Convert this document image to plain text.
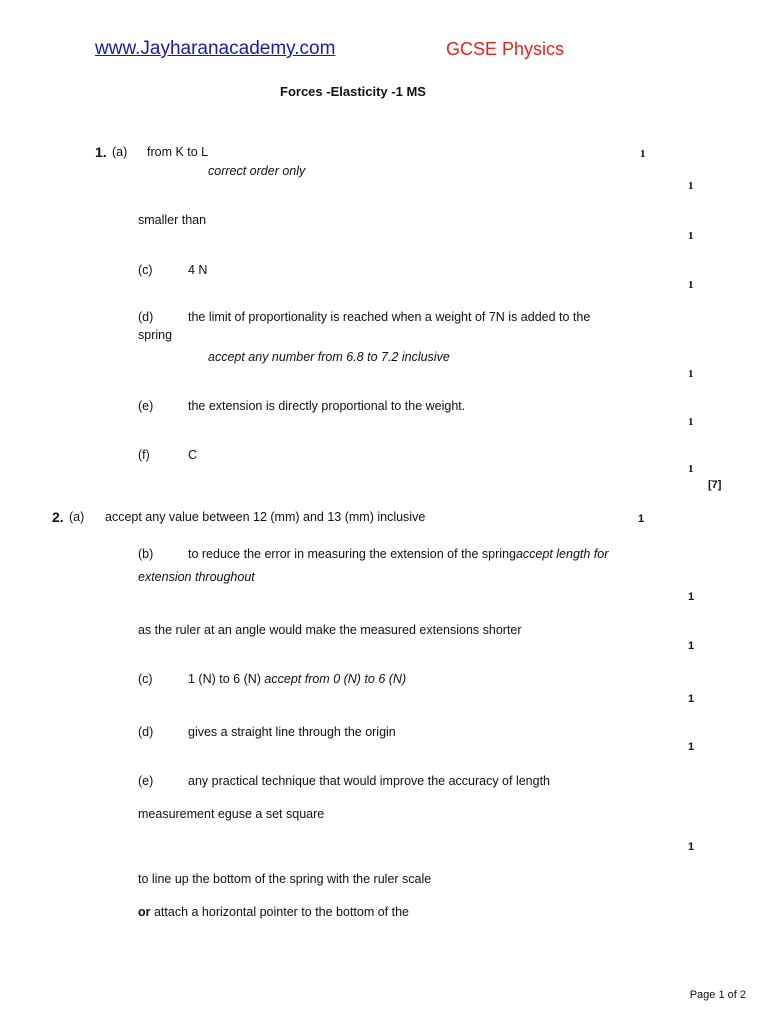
www.Jayharanacademy.com	GCSE Physics
Forces -Elasticity -1 MS
1. (a) from K to L	1
correct order only
1
smaller than
1
(c)	4 N
1
(d)	the limit of proportionality is reached when a weight of 7N is added to the
spring
accept any number from 6.8 to 7.2 inclusive
1
(e)	the extension is directly proportional to the weight.
1
(f)	C
1
[7]
2. (a) accept any value between 12 (mm) and 13 (mm) inclusive	1
(b)	to reduce the error in measuring the extension of the springaccept length for
extension throughout
1
as the ruler at an angle would make the measured extensions shorter
1
(c)	1 (N) to 6 (N) accept from 0 (N) to 6 (N)
1
(d)	gives a straight line through the origin
1
(e)	any practical technique that would improve the accuracy of length
measurement eguse a set square
1
to line up the bottom of the spring with the ruler scale
or attach a horizontal pointer to the bottom of the
Page 1 of 2
